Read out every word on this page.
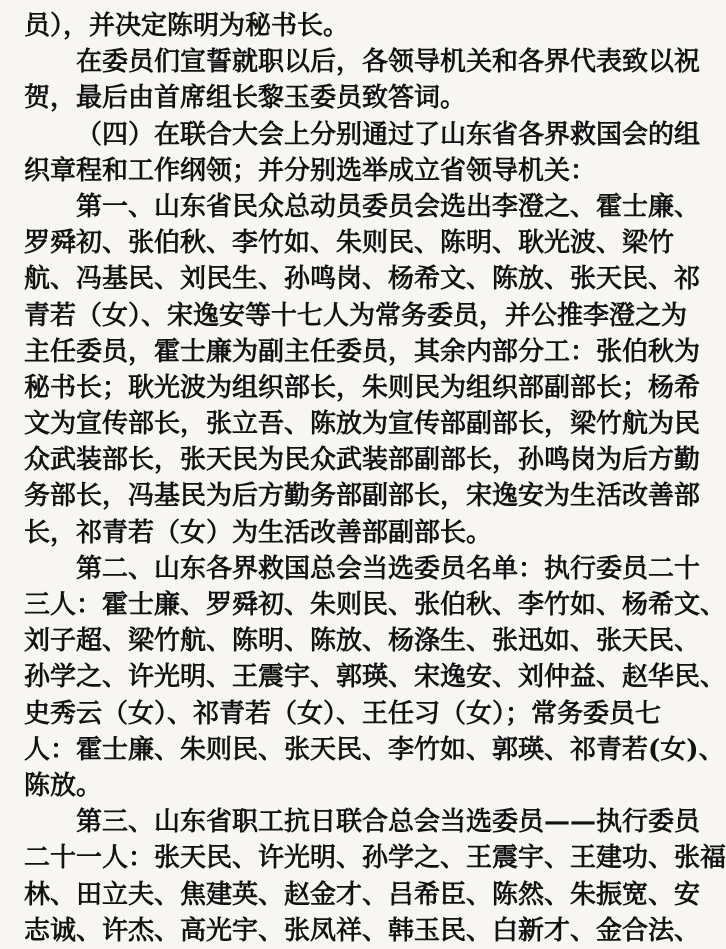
员），并决定陈明为秘书长。
在委员们宣誓就职以后，各领导机关和各界代表致以祝
贺，最后由首席组长黎玉委员致答词。
（四）在联合大会上分别通过了山东省各界救国会的组
织章程和工作纲领；并分别选举成立省领导机关：
第一、山东省民众总动员委员会选出李澄之、霍士廉、
罗舜初、张伯秋、李竹如、朱则民、陈明、耿光波、梁竹
航、冯基民、刘民生、孙鸣岗、杨希文、陈放、张天民、祁
青若（女）、宋逸安等十七人为常务委员，并公推李澄之为
主任委员，霍士廉为副主任委员，其余内部分工：张伯秋为
秘书长；耿光波为组织部长，朱则民为组织部副部长；杨希
文为宣传部长，张立吾、陈放为宣传部副部长，梁竹航为民
众武装部长，张天民为民众武装部副部长，孙鸣岗为后方勤
务部长，冯基民为后方勤务部副部长，宋逸安为生活改善部
长，祁青若（女）为生活改善部副部长。
第二、山东各界救国总会当选委员名单：执行委员二十
三人：霍士廉、罗舜初、朱则民、张伯秋、李竹如、杨希文、
刘子超、梁竹航、陈明、陈放、杨涤生、张迅如、张天民、
孙学之、许光明、王震宇、郭瑛、宋逸安、刘仲益、赵华民、
史秀云（女）、祁青若（女）、王任习（女）；常务委员七
人：霍士廉、朱则民、张天民、李竹如、郭瑛、祁青若(女)、
陈放。
第三、山东省职工抗日联合总会当选委员——执行委员
二十一人：张天民、许光明、孙学之、王震宇、王建功、张福
林、田立夫、焦建英、赵金才、吕希臣、陈然、朱振宽、安
志诚、许杰、高光宇、张凤祥、韩玉民、白新才、金合法、
